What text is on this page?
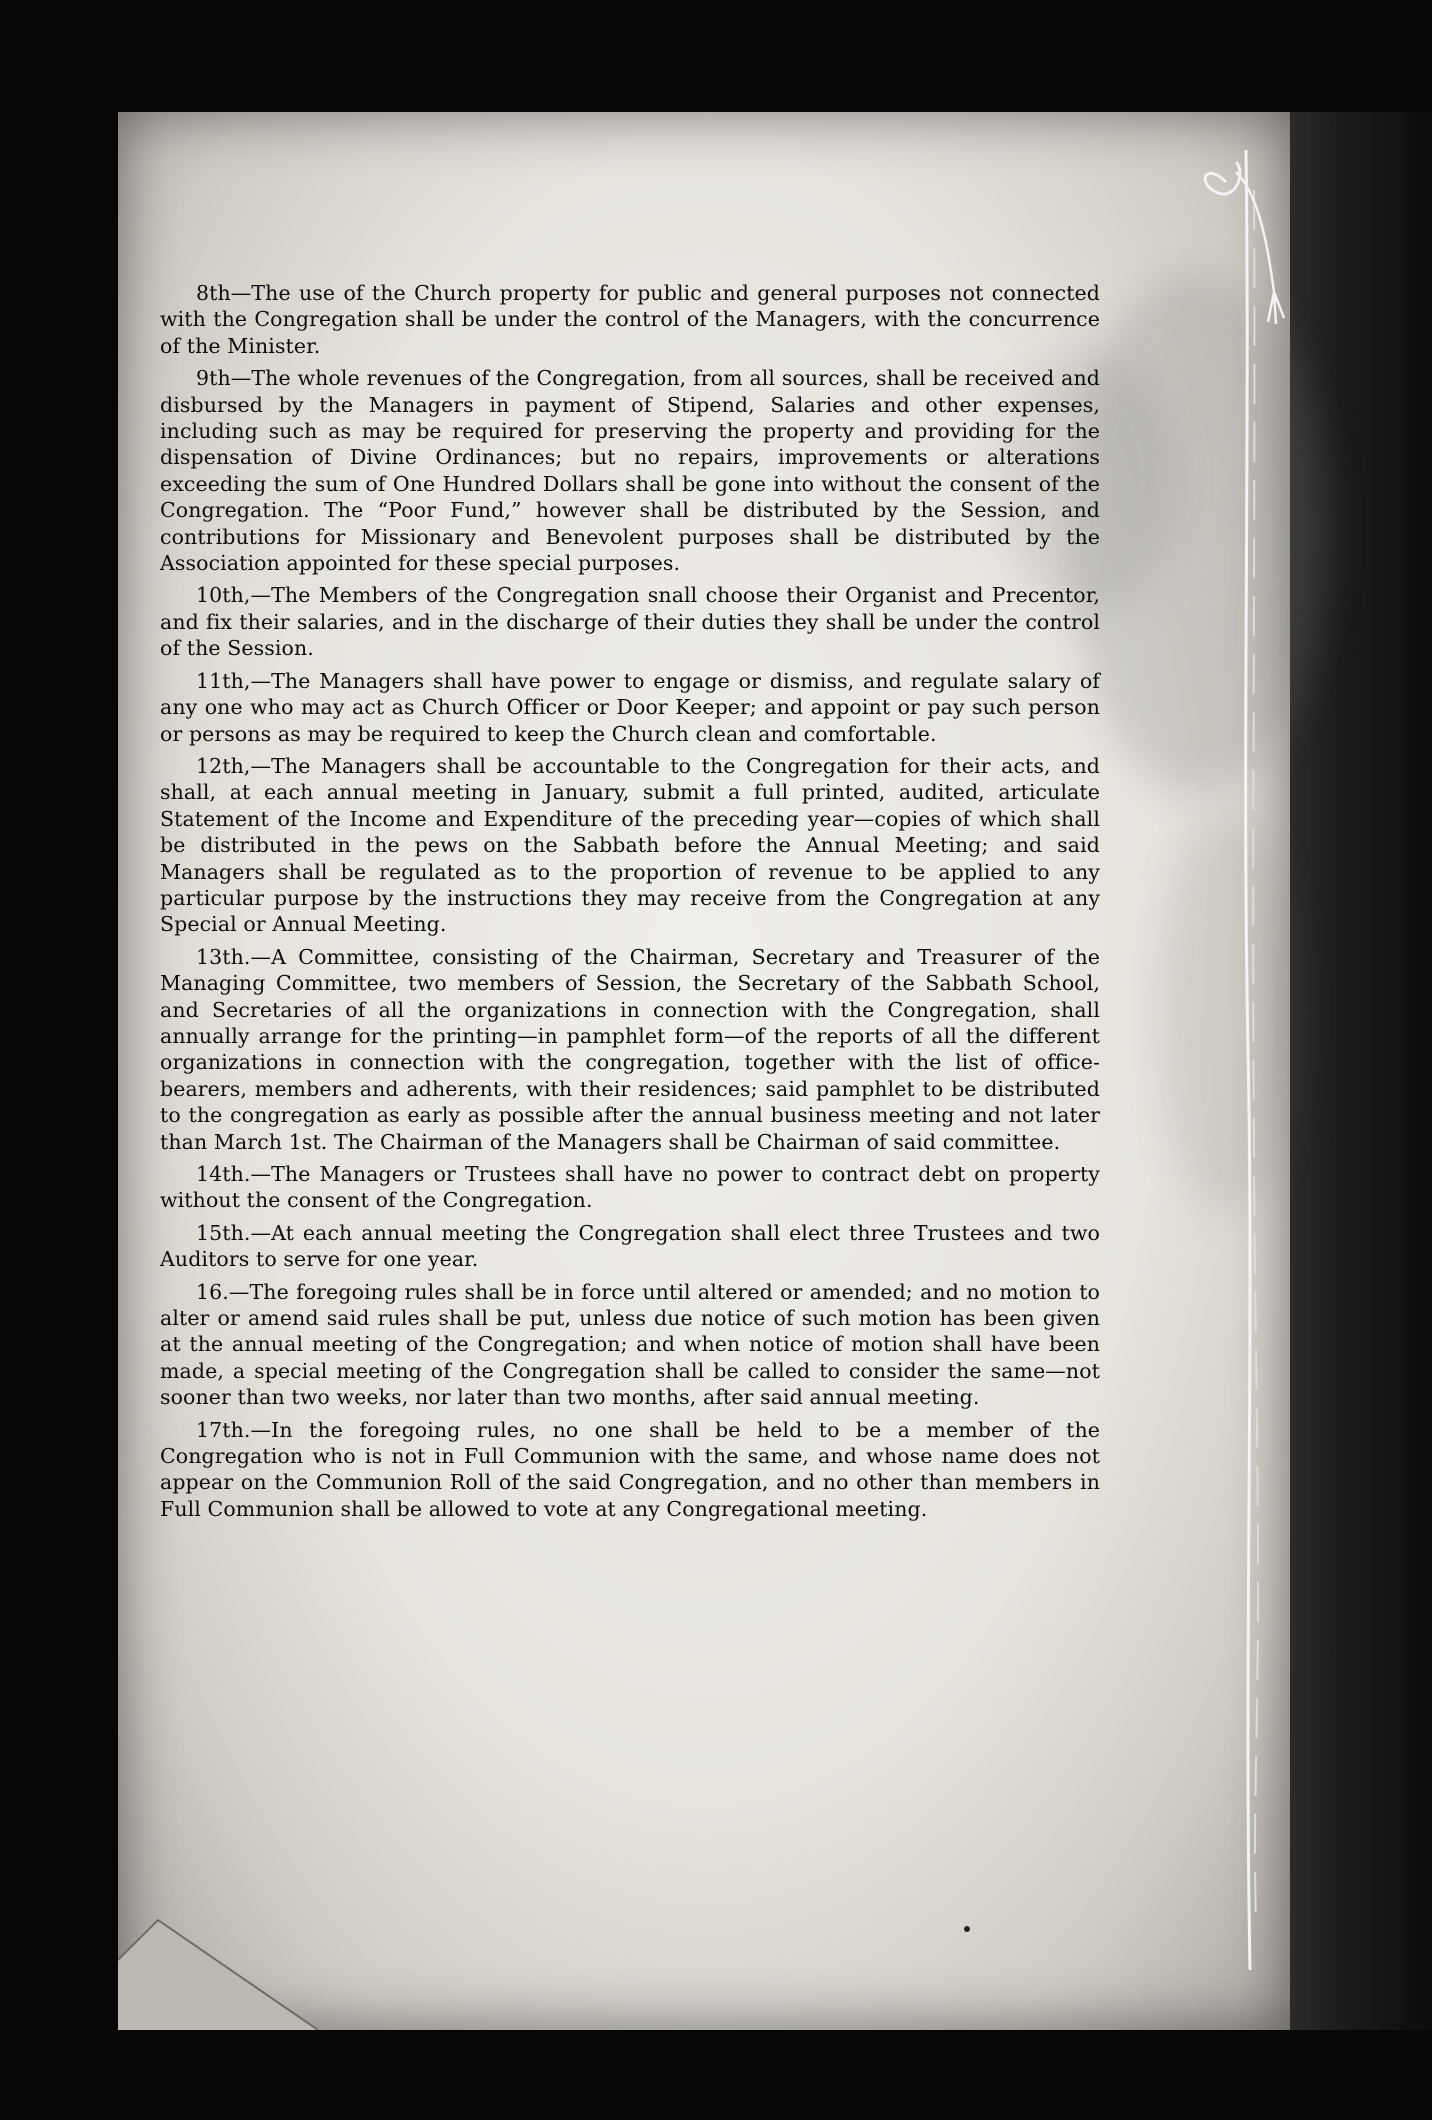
8th—The use of the Church property for public and general purposes not connected with the Congregation shall be under the control of the Managers, with the concurrence of the Minister.

9th—The whole revenues of the Congregation, from all sources, shall be received and disbursed by the Managers in payment of Stipend, Salaries and other expenses, including such as may be required for preserving the property and providing for the dispensation of Divine Ordinances; but no repairs, improvements or alterations exceeding the sum of One Hundred Dollars shall be gone into without the consent of the Congregation. The “Poor Fund,” however shall be distributed by the Session, and contributions for Missionary and Benevolent purposes shall be distributed by the Association appointed for these special purposes.

10th,—The Members of the Congregation snall choose their Organist and Precentor, and fix their salaries, and in the discharge of their duties they shall be under the control of the Session.

11th,—The Managers shall have power to engage or dismiss, and regulate salary of any one who may act as Church Officer or Door Keeper; and appoint or pay such person or persons as may be required to keep the Church clean and comfortable.

12th,—The Managers shall be accountable to the Congregation for their acts, and shall, at each annual meeting in January, submit a full printed, audited, articulate Statement of the Income and Expenditure of the preceding year—copies of which shall be distributed in the pews on the Sabbath before the Annual Meeting; and said Managers shall be regulated as to the proportion of revenue to be applied to any particular purpose by the instructions they may receive from the Congregation at any Special or Annual Meeting.

13th.—A Committee, consisting of the Chairman, Secretary and Treasurer of the Managing Committee, two members of Session, the Secretary of the Sabbath School, and Secretaries of all the organizations in connection with the Congregation, shall annually arrange for the printing—in pamphlet form—of the reports of all the different organizations in connection with the congregation, together with the list of office-bearers, members and adherents, with their residences; said pamphlet to be distributed to the congregation as early as possible after the annual business meeting and not later than March 1st. The Chairman of the Managers shall be Chairman of said committee.

14th.—The Managers or Trustees shall have no power to contract debt on property without the consent of the Congregation.

15th.—At each annual meeting the Congregation shall elect three Trustees and two Auditors to serve for one year.

16.—The foregoing rules shall be in force until altered or amended; and no motion to alter or amend said rules shall be put, unless due notice of such motion has been given at the annual meeting of the Congregation; and when notice of motion shall have been made, a special meeting of the Congregation shall be called to consider the same—not sooner than two weeks, nor later than two months, after said annual meeting.

17th.—In the foregoing rules, no one shall be held to be a member of the Congregation who is not in Full Communion with the same, and whose name does not appear on the Communion Roll of the said Congregation, and no other than members in Full Communion shall be allowed to vote at any Congregational meeting.
